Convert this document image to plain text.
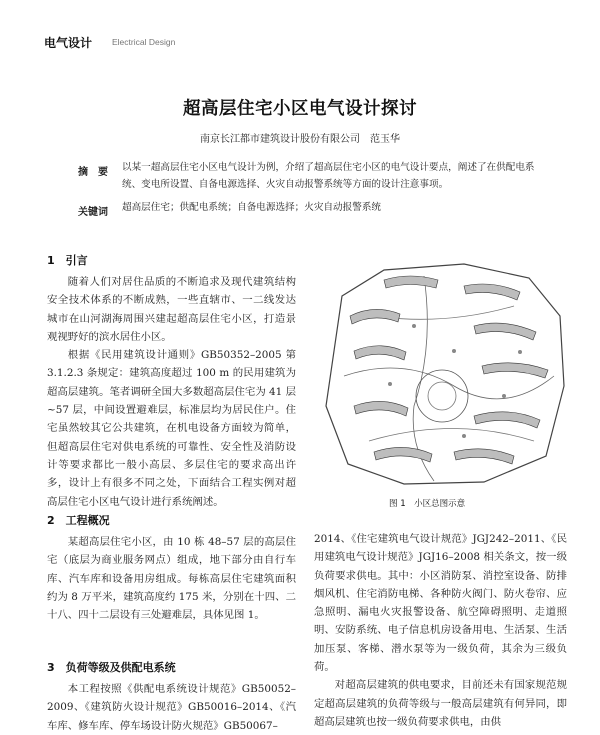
电气设计 Electrical Design
超高层住宅小区电气设计探讨
南京长江都市建筑设计股份有限公司　范玉华
摘　要 以某一超高层住宅小区电气设计为例，介绍了超高层住宅小区的电气设计要点，阐述了在供配电系统、变电所设置、自备电源选择、火灾自动报警系统等方面的设计注意事项。
关键词 超高层住宅；供配电系统；自备电源选择；火灾自动报警系统
1　引言

随着人们对居住品质的不断追求及现代建筑结构安全技术体系的不断成熟，一些直辖市、一二线发达城市在山河湖海周围兴建起超高层住宅小区，打造景观视野好的滨水居住小区。

根据《民用建筑设计通则》GB50352–2005 第3.1.2.3 条规定：建筑高度超过 100 m 的民用建筑为超高层建筑。笔者调研全国大多数超高层住宅为 41 层 ~57 层，中间设置避难层，标准层均为居民住户。住宅虽然较其它公共建筑，在机电设备方面较为简单，但超高层住宅对供电系统的可靠性、安全性及消防设计等要求都比一般小高层、多层住宅的要求高出许多，设计上有很多不同之处，下面结合工程实例对超高层住宅小区电气设计进行系统阐述。

2　工程概况

某超高层住宅小区，由 10 栋 48–57 层的高层住宅（底层为商业服务网点）组成，地下部分由自行车库、汽车库和设备用房组成。每栋高层住宅建筑面积约为 8 万平米，建筑高度约 175 米，分别在十四、二十八、四十二层设有三处避难层，具体见图 1。

3　负荷等级及供配电系统

本工程按照《供配电系统设计规范》GB50052–2009、《建筑防火设计规范》GB50016–2014、《汽车库、修车库、停车场设计防火规范》GB50067–

图 1　小区总图示意

2014、《住宅建筑电气设计规范》JGJ242–2011、《民用建筑电气设计规范》JGJ16–2008 相关条文，按一级负荷要求供电。其中：小区消防泵、消控室设备、防排烟风机、住宅消防电梯、各种防火阀门、防火卷帘、应急照明、漏电火灾报警设备、航空障碍照明、走道照明、安防系统、电子信息机房设备用电、生活泵、生活加压泵、客梯、潜水泵等为一级负荷，其余为三级负荷。

对超高层建筑的供电要求，目前还未有国家规范规定超高层建筑的负荷等级与一般高层建筑有何异同，即超高层建筑也按一级负荷要求供电，由供
